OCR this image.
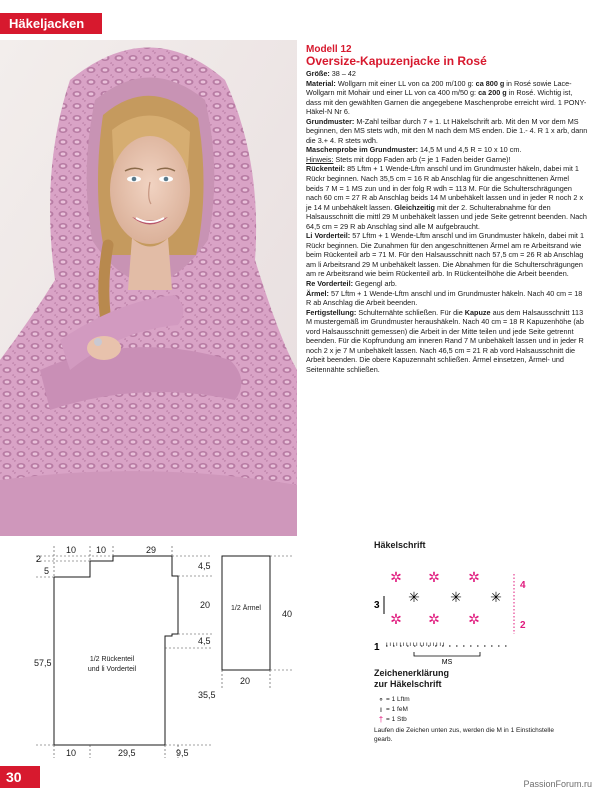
Häkeljacken
Modell 12
Oversize-Kapuzenjacke in Rosé

Größe: 38 – 42

Material: Wollgarn mit einer LL von ca 200 m/100 g: ca 800 g in Rosé sowie Lace-Wollgarn mit Mohair und einer LL von ca 400 m/50 g: ca 200 g in Rosé. Wichtig ist, dass mit den gewählten Garnen die angegebene Maschenprobe erreicht wird. 1 PONY-Häkel-N Nr 6.

Grundmuster: M-Zahl teilbar durch 7 + 1. Lt Häkelschrift arb. Mit den M vor dem MS beginnen, den MS stets wdh, mit den M nach dem MS enden. Die 1.- 4. R 1 x arb, dann die 3.+ 4. R stets wdh.

Maschenprobe im Grundmuster: 14,5 M und 4,5 R = 10 x 10 cm.

Hinweis: Stets mit dopp Faden arb (= je 1 Faden beider Garne)!

Rückenteil: 85 Lftm + 1 Wende-Lftm anschl und im Grundmuster häkeln, dabei mit 1 Rückr beginnen. Nach 35,5 cm = 16 R ab Anschlag für die angeschnittenen Ärmel beids 7 M = 1 MS zun und in der folg R wdh = 113 M. Für die Schulterschrägungen nach 60 cm = 27 R ab Anschlag beids 14 M unbehäkelt lassen und in jeder R noch 2 x je 14 M unbehäkelt lassen. Gleichzeitig mit der 2. Schulterabnahme für den Halsausschnitt die mittl 29 M unbehäkelt lassen und jede Seite getrennt beenden. Nach 64,5 cm = 29 R ab Anschlag sind alle M aufgebraucht.

Li Vorderteil: 57 Lftm + 1 Wende-Lftm anschl und im Grundmuster häkeln, dabei mit 1 Rückr beginnen. Die Zunahmen für den angeschnittenen Ärmel am re Arbeitsrand wie beim Rückenteil arb = 71 M. Für den Halsausschnitt nach 57,5 cm = 26 R ab Anschlag am li Arbeitsrand 29 M unbehäkelt lassen. Die Abnahmen für die Schulterschrägungen am re Arbeitsrand wie beim Rückenteil arb. In Rückenteilhöhe die Arbeit beenden.

Re Vorderteil: Gegengl arb.

Ärmel: 57 Lftm + 1 Wende-Lftm anschl und im Grundmuster häkeln. Nach 40 cm = 18 R ab Anschlag die Arbeit beenden.

Fertigstellung: Schulternähte schließen. Für die Kapuze aus dem Halsausschnitt 113 M mustergemäß im Grundmuster heraushäkeln. Nach 40 cm = 18 R Kapuzenhöhe (ab vord Halsausschnitt gemessen) die Arbeit in der Mitte teilen und jede Seite getrennt beenden. Für die Kopfrundung am inneren Rand 7 M unbehäkelt lassen und in jeder R noch 2 x je 7 M unbehäkelt lassen. Nach 46,5 cm = 21 R ab vord Halsausschnitt die Arbeit beenden. Die obere Kapuzennaht schließen. Ärmel einsetzen, Ärmel- und Seitennähte schließen.

10 10	29
2
5
57,5
4,5
20
4,5
35,5
10	29,5	9,5
40
20
1/2 Rückenteil
und li Vorderteil
1/2 Ärmel
Häkelschrift
1
3
2
4
ı ı ı ı ı ı ı ı ı ı ı ı ı ı ı ı ı ı
✲ ✲ ✲
✳ ✳ ✳
✲ ✲ ✲
MS
Zeichenerklärung
zur Häkelschrift
∘ = 1 Lftm
ı = 1 feM
† = 1 Stb
Laufen die Zeichen unten zus, werden die M in 1 Einstichstelle gearb.
30	PassionForum.ru
